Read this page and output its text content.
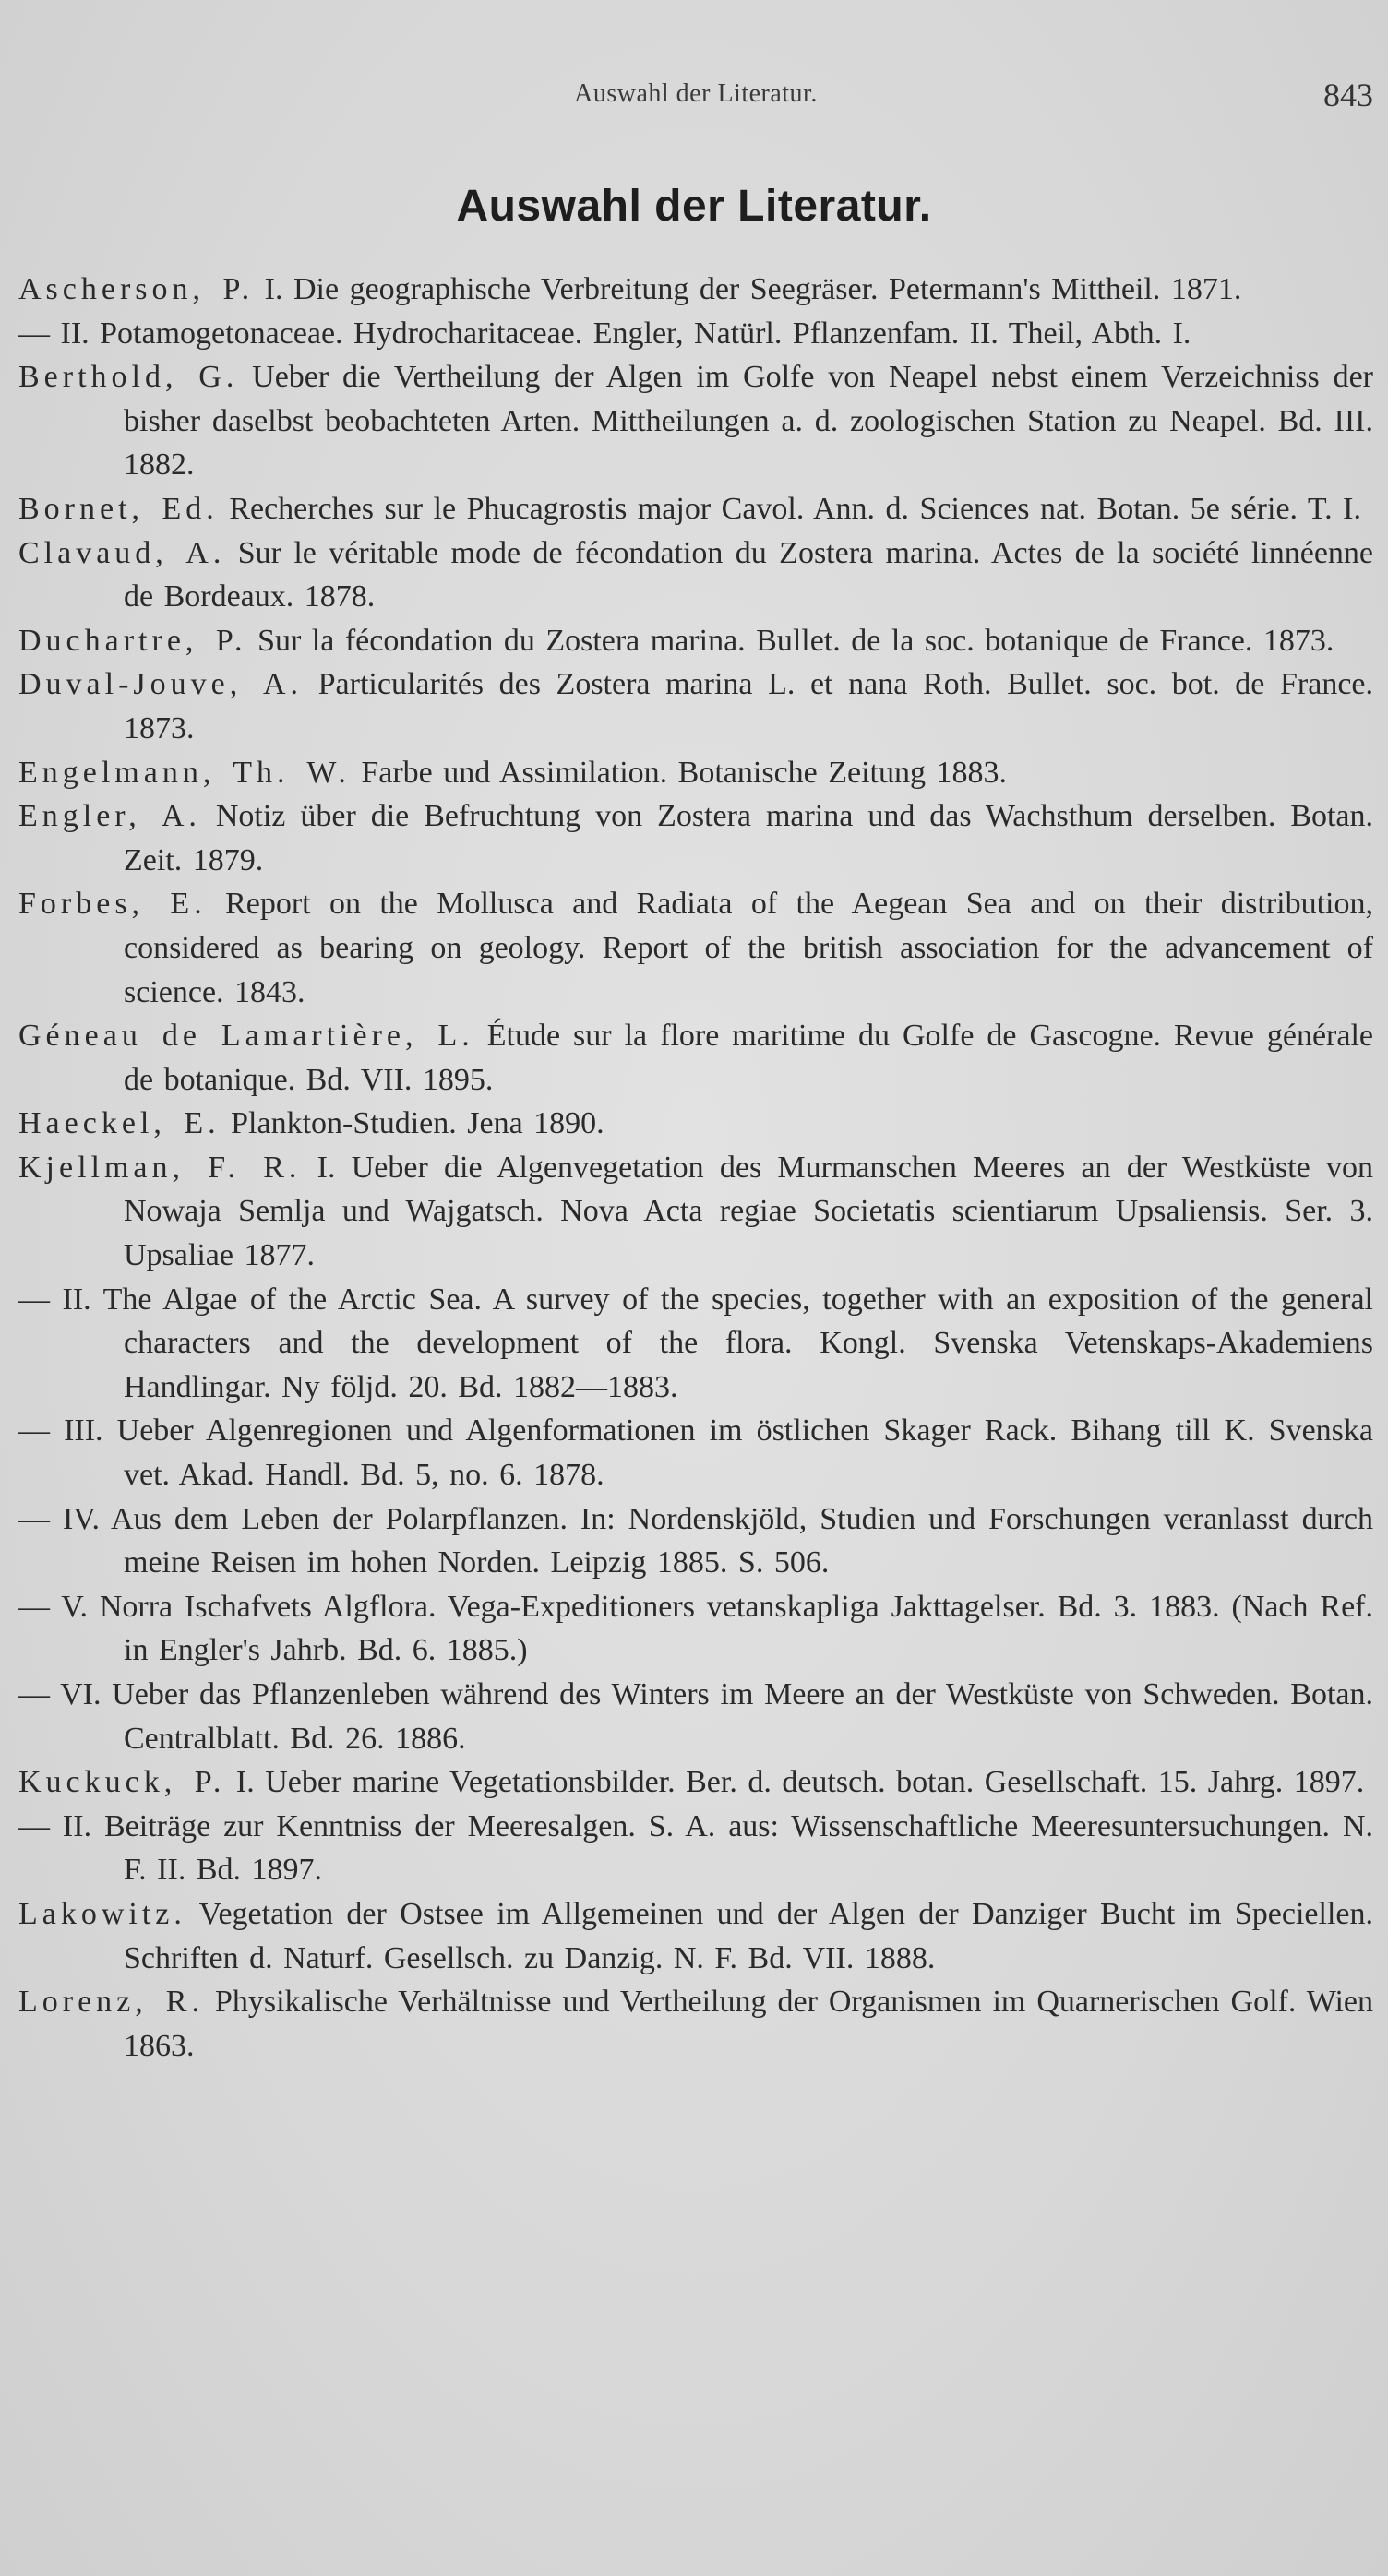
Auswahl der Literatur.	843
Auswahl der Literatur.
Ascherson, P. I. Die geographische Verbreitung der Seegräser. Petermann's Mittheil. 1871.
— II. Potamogetonaceae. Hydrocharitaceae. Engler, Natürl. Pflanzenfam. II. Theil, Abth. I.
Berthold, G. Ueber die Vertheilung der Algen im Golfe von Neapel nebst einem Verzeichniss der bisher daselbst beobachteten Arten. Mittheilungen a. d. zoologischen Station zu Neapel. Bd. III. 1882.
Bornet, Ed. Recherches sur le Phucagrostis major Cavol. Ann. d. Sciences nat. Botan. 5e série. T. I.
Clavaud, A. Sur le véritable mode de fécondation du Zostera marina. Actes de la société linnéenne de Bordeaux. 1878.
Duchartre, P. Sur la fécondation du Zostera marina. Bullet. de la soc. botanique de France. 1873.
Duval-Jouve, A. Particularités des Zostera marina L. et nana Roth. Bullet. soc. bot. de France. 1873.
Engelmann, Th. W. Farbe und Assimilation. Botanische Zeitung 1883.
Engler, A. Notiz über die Befruchtung von Zostera marina und das Wachsthum derselben. Botan. Zeit. 1879.
Forbes, E. Report on the Mollusca and Radiata of the Aegean Sea and on their distribution, considered as bearing on geology. Report of the british association for the advancement of science. 1843.
Géneau de Lamartière, L. Étude sur la flore maritime du Golfe de Gascogne. Revue générale de botanique. Bd. VII. 1895.
Haeckel, E. Plankton-Studien. Jena 1890.
Kjellman, F. R. I. Ueber die Algenvegetation des Murmanschen Meeres an der Westküste von Nowaja Semlja und Wajgatsch. Nova Acta regiae Societatis scientiarum Upsaliensis. Ser. 3. Upsaliae 1877.
— II. The Algae of the Arctic Sea. A survey of the species, together with an exposition of the general characters and the development of the flora. Kongl. Svenska Vetenskaps-Akademiens Handlingar. Ny följd. 20. Bd. 1882—1883.
— III. Ueber Algenregionen und Algenformationen im östlichen Skager Rack. Bihang till K. Svenska vet. Akad. Handl. Bd. 5, no. 6. 1878.
— IV. Aus dem Leben der Polarpflanzen. In: Nordenskjöld, Studien und Forschungen veranlasst durch meine Reisen im hohen Norden. Leipzig 1885. S. 506.
— V. Norra Ischafvets Algflora. Vega-Expeditioners vetanskapliga Jakttagelser. Bd. 3. 1883. (Nach Ref. in Engler's Jahrb. Bd. 6. 1885.)
— VI. Ueber das Pflanzenleben während des Winters im Meere an der Westküste von Schweden. Botan. Centralblatt. Bd. 26. 1886.
Kuckuck, P. I. Ueber marine Vegetationsbilder. Ber. d. deutsch. botan. Gesellschaft. 15. Jahrg. 1897.
— II. Beiträge zur Kenntniss der Meeresalgen. S. A. aus: Wissenschaftliche Meeresuntersuchungen. N. F. II. Bd. 1897.
Lakowitz. Vegetation der Ostsee im Allgemeinen und der Algen der Danziger Bucht im Speciellen. Schriften d. Naturf. Gesellsch. zu Danzig. N. F. Bd. VII. 1888.
Lorenz, R. Physikalische Verhältnisse und Vertheilung der Organismen im Quarnerischen Golf. Wien 1863.
